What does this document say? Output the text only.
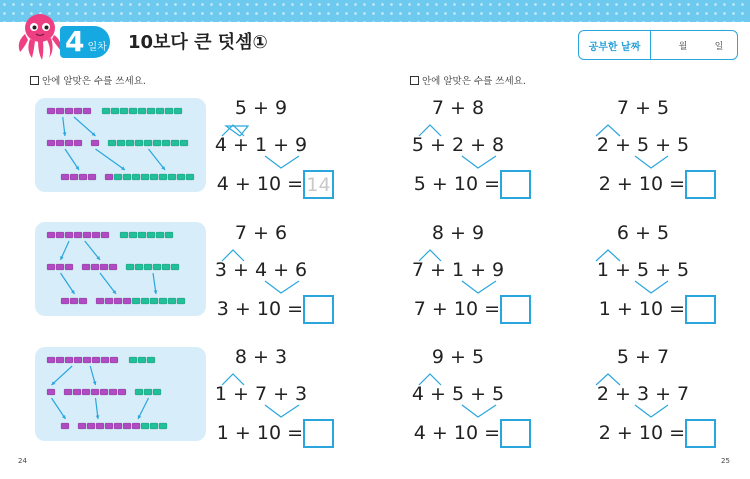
4 일차 10보다 큰 덧셈①	공부한 날짜	월	일
안에 알맞은 수를 쓰세요.	안에 알맞은 수를 쓰세요.
5 + 9
4 + 1 + 9
4 + 10 = 14
7 + 8
5 + 2 + 8
5 + 10 =
7 + 5
2 + 5 + 5
2 + 10 =
7 + 6
3 + 4 + 6
3 + 10 =
8 + 9
7 + 1 + 9
7 + 10 =
6 + 5
1 + 5 + 5
1 + 10 =
8 + 3
1 + 7 + 3
1 + 10 =
9 + 5
4 + 5 + 5
4 + 10 =
5 + 7
2 + 3 + 7
2 + 10 =
24	25
